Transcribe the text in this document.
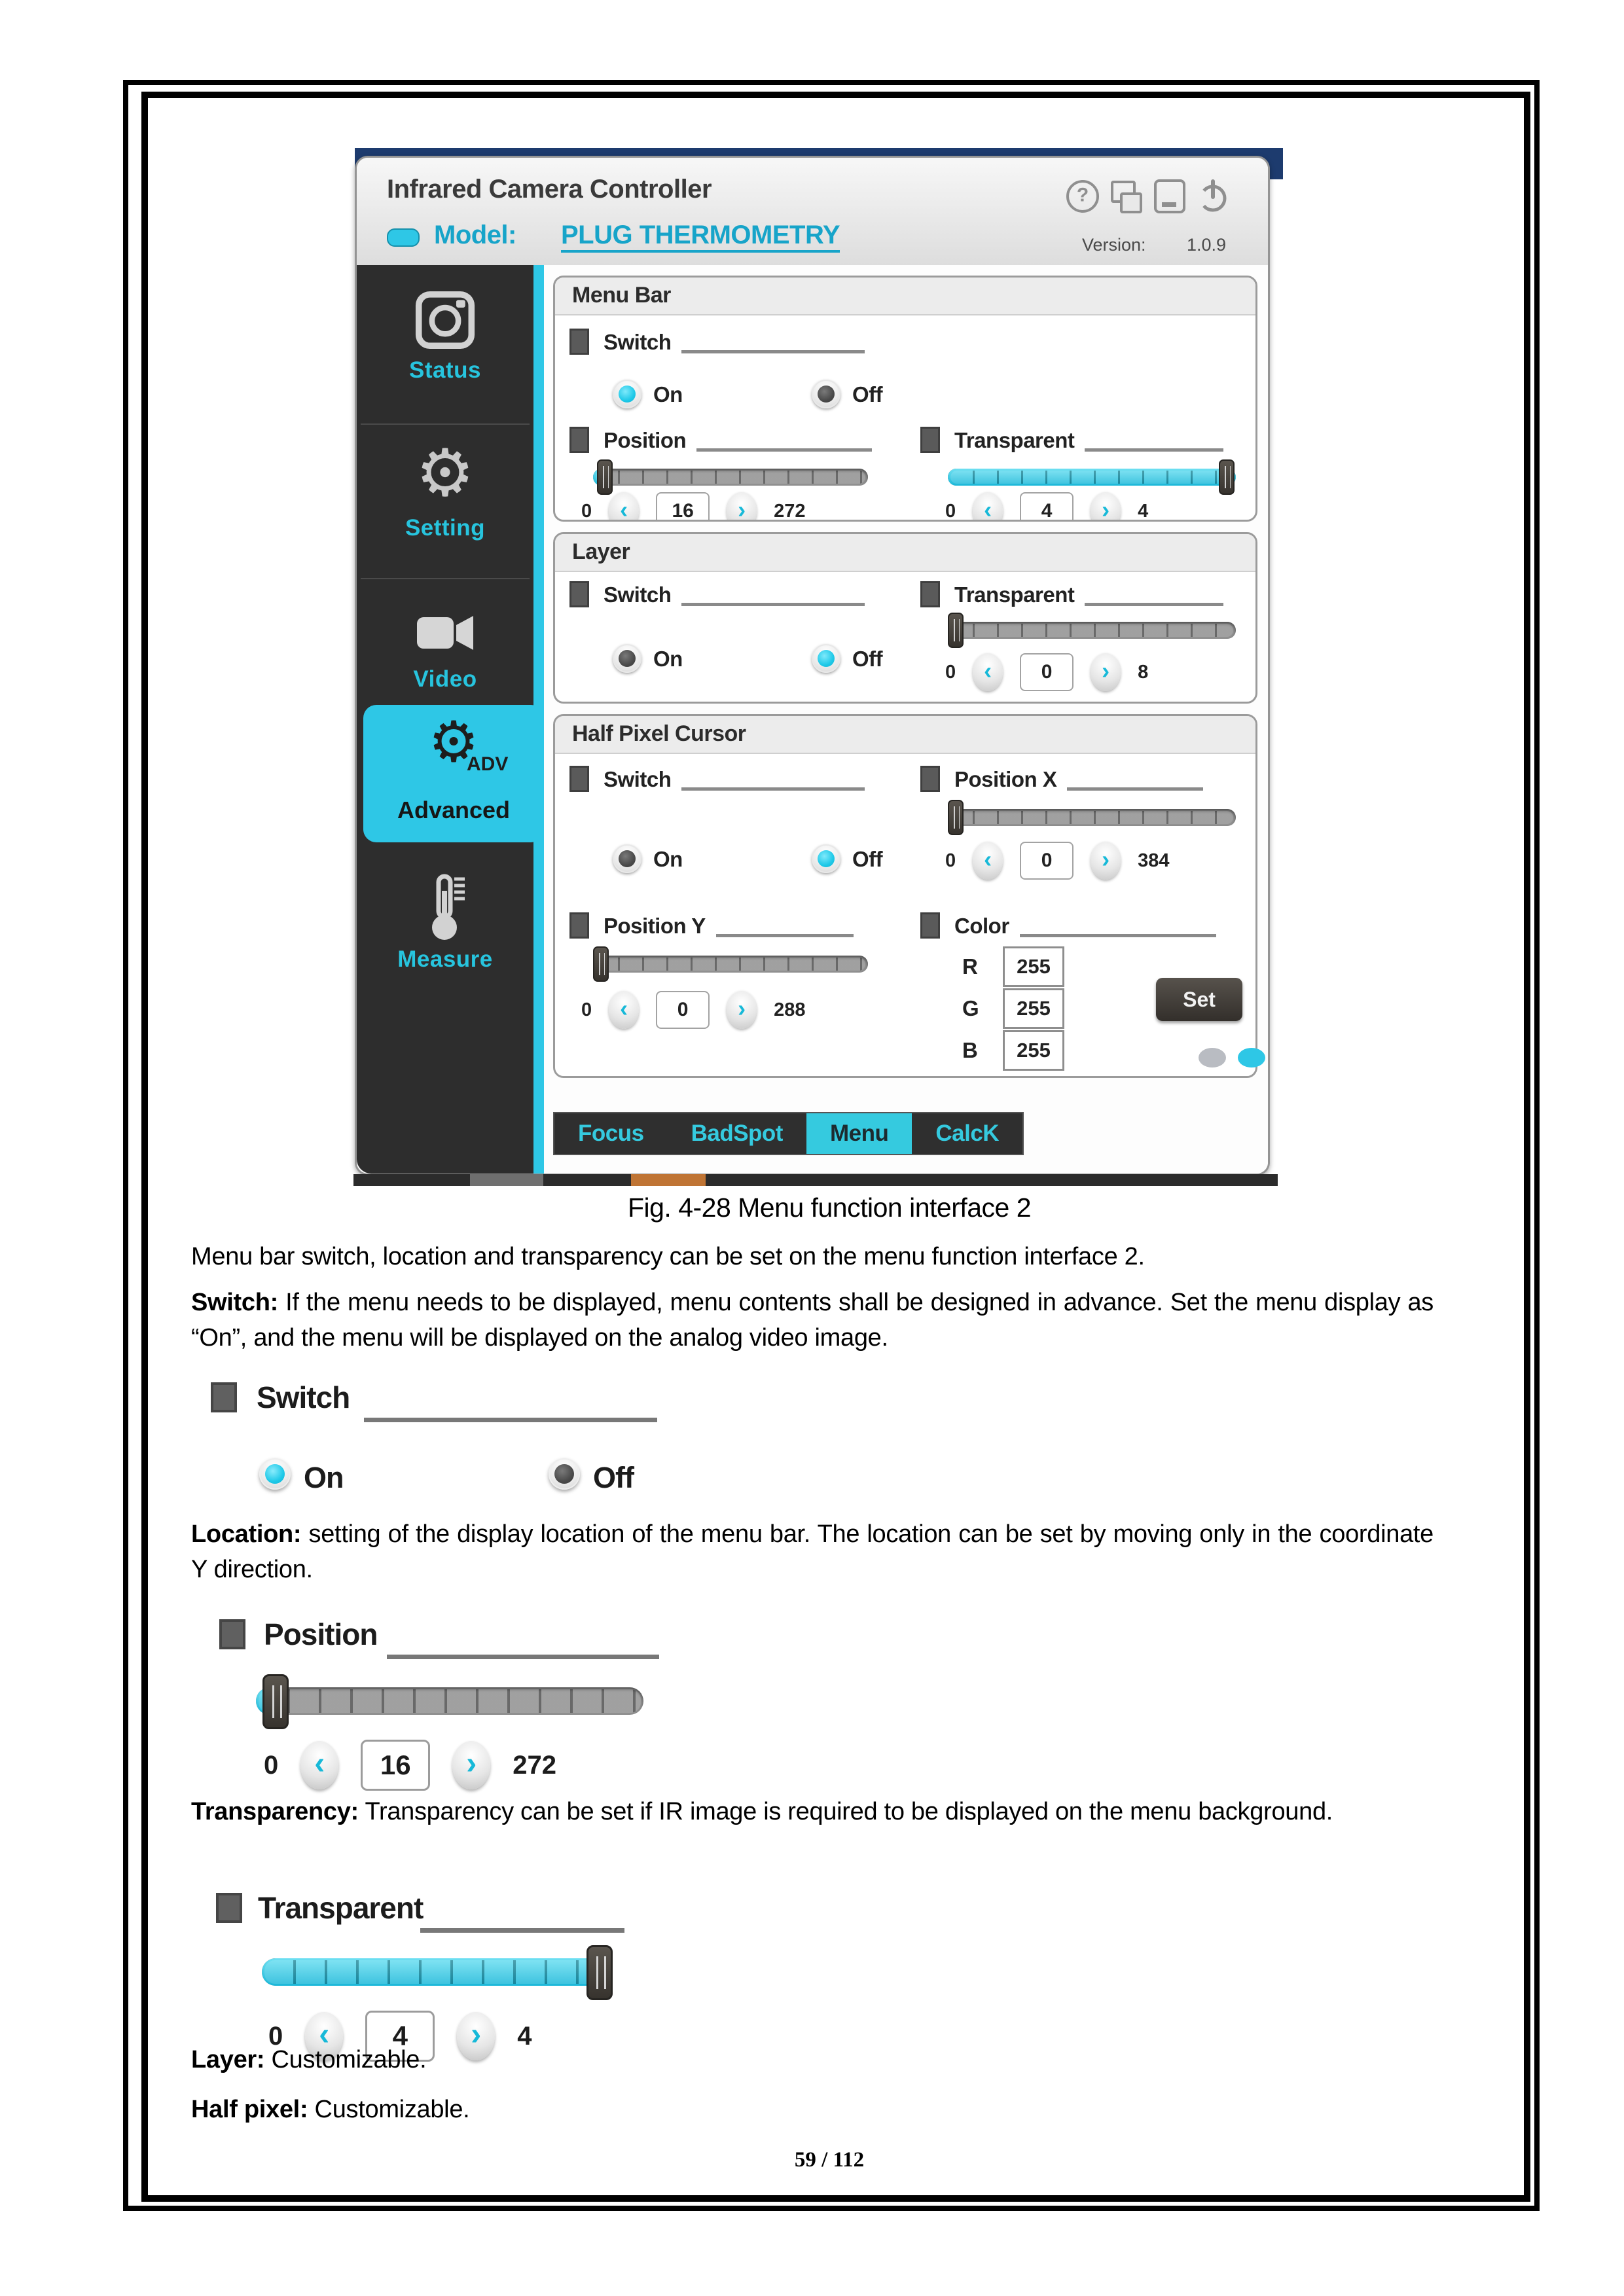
Infrared Camera Controller
Model: PLUG THERMOMETRY
?	Version: 1.0.9
Status
⚙
Setting
Video
⚙
ADV
Advanced
Measure
Menu Bar
Switch
On	Off
Position	Transparent
0 ‹	16 ›	272	0 ‹	4 ›	4
Layer
Switch
On	Off
Transparent
0 ‹	0 ›	8
Half Pixel Cursor
Switch
On	Off
Position X
0 ‹	0 ›	384
Position Y
0 ‹	0 ›	288
Color
R	255
G	255
B	255
Set
Focus	BadSpot	Menu	CalcK
Fig. 4-28 Menu function interface 2
Menu bar switch, location and transparency can be set on the menu function interface 2.
Switch: If the menu needs to be displayed, menu contents shall be designed in advance. Set the menu display as “On”, and the menu will be displayed on the analog video image.
Switch
On	Off
Location: setting of the display location of the menu bar. The location can be set by moving only in the coordinate Y direction.
Position
0 ‹	16 ›	272
Transparency: Transparency can be set if IR image is required to be displayed on the menu background.
Transparent
0 ‹	4 ›	4
Layer: Customizable.
Half pixel: Customizable.
59 / 112
